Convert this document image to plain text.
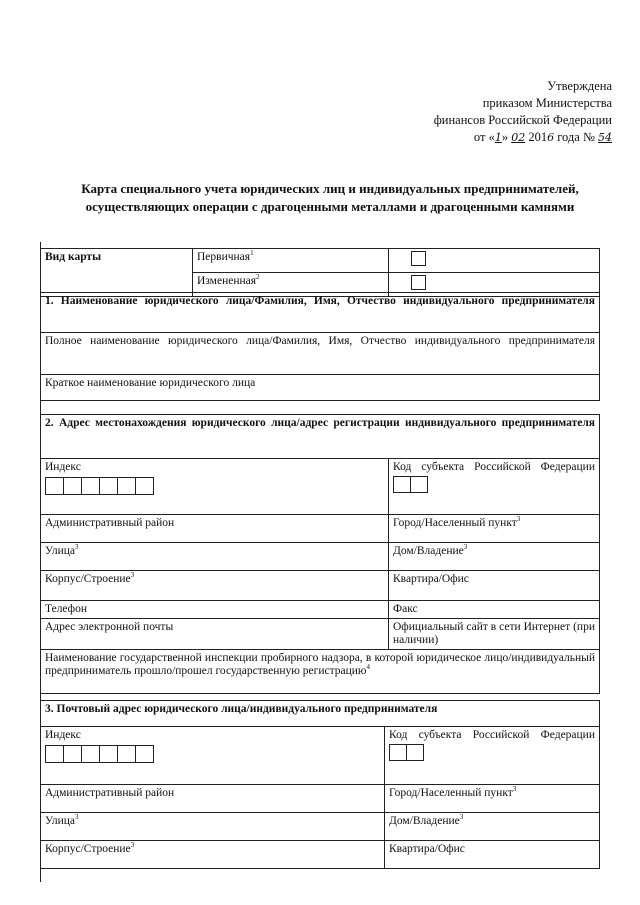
Утверждена
приказом Министерства
финансов Российской Федерации
от «1» 02 2016 года № 54
Карта специального учета юридических лиц и индивидуальных предпринимателей, осуществляющих операции с драгоценными металлами и драгоценными камнями
Вид карты	Первичная$^1$	
	Измененная$^2$	
1. Наименование юридического лица/Фамилия, Имя, Отчество индивидуального предпринимателя
Полное наименование юридического лица/Фамилия, Имя, Отчество индивидуального предпринимателя
Краткое наименование юридического лица
2. Адрес местонахождения юридического лица/адрес регистрации индивидуального предпринимателя	

Индекс	Код субъекта Российской Федерации

Административный район	Город/Населенный пункт$^3$
Улица$^3$	Дом/Владение$^3$
Корпус/Строение$^3$	Квартира/Офис
Телефон	Факс
Адрес электронной почты	Официальный сайт в сети Интернет (при наличии)

Наименование государственной инспекции пробирного надзора, в которой юридическое лицо/индивидуальный предприниматель прошло/прошел государственную регистрацию$^4$
3. Почтовый адрес юридического лица/индивидуального предпринимателя	

Индекс	Код субъекта Российской Федерации

Административный район	Город/Населенный пункт$^3$
Улица$^3$	Дом/Владение$^3$
Корпус/Строение$^3$	Квартира/Офис
